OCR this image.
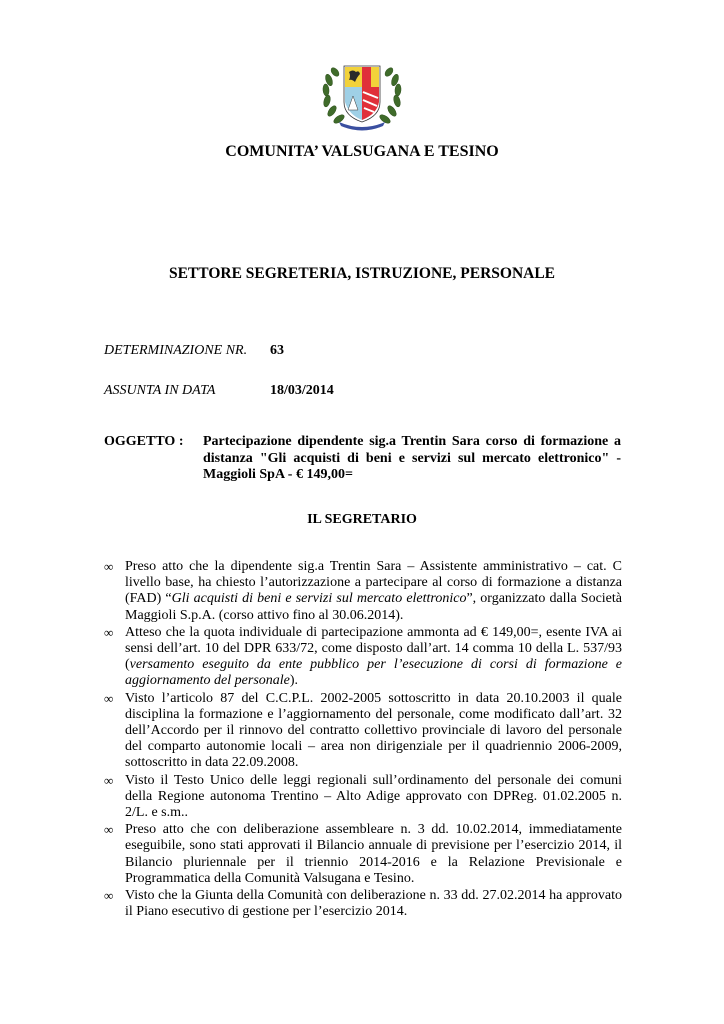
COMUNITA’ VALSUGANA E TESINO
SETTORE SEGRETERIA, ISTRUZIONE, PERSONALE
DETERMINAZIONE NR. 63
ASSUNTA IN DATA	18/03/2014
OGGETTO : Partecipazione dipendente sig.a Trentin Sara corso di formazione a distanza "Gli acquisti di beni e servizi sul mercato elettronico" - Maggioli SpA - € 149,00=
IL SEGRETARIO
∞ Preso atto che la dipendente sig.a Trentin Sara – Assistente amministrativo – cat. C livello base, ha chiesto l’autorizzazione a partecipare al corso di formazione a distanza (FAD) “Gli acquisti di beni e servizi sul mercato elettronico”, organizzato dalla Società Maggioli S.p.A. (corso attivo fino al 30.06.2014).
∞ Atteso che la quota individuale di partecipazione ammonta ad € 149,00=, esente IVA ai sensi dell’art. 10 del DPR 633/72, come disposto dall’art. 14 comma 10 della L. 537/93 (versamento eseguito da ente pubblico per l’esecuzione di corsi di formazione e aggiornamento del personale).
∞ Visto l’articolo 87 del C.C.P.L. 2002-2005 sottoscritto in data 20.10.2003 il quale disciplina la formazione e l’aggiornamento del personale, come modificato dall’art. 32 dell’Accordo per il rinnovo del contratto collettivo provinciale di lavoro del personale del comparto autonomie locali – area non dirigenziale per il quadriennio 2006-2009, sottoscritto in data 22.09.2008.
∞ Visto il Testo Unico delle leggi regionali sull’ordinamento del personale dei comuni della Regione autonoma Trentino – Alto Adige approvato con DPReg. 01.02.2005 n. 2/L. e s.m..
∞ Preso atto che con deliberazione assembleare n. 3 dd. 10.02.2014, immediatamente eseguibile, sono stati approvati il Bilancio annuale di previsione per l’esercizio 2014, il Bilancio pluriennale per il triennio 2014-2016 e la Relazione Previsionale e Programmatica della Comunità Valsugana e Tesino.
∞ Visto che la Giunta della Comunità con deliberazione n. 33 dd. 27.02.2014 ha approvato il Piano esecutivo di gestione per l’esercizio 2014.
